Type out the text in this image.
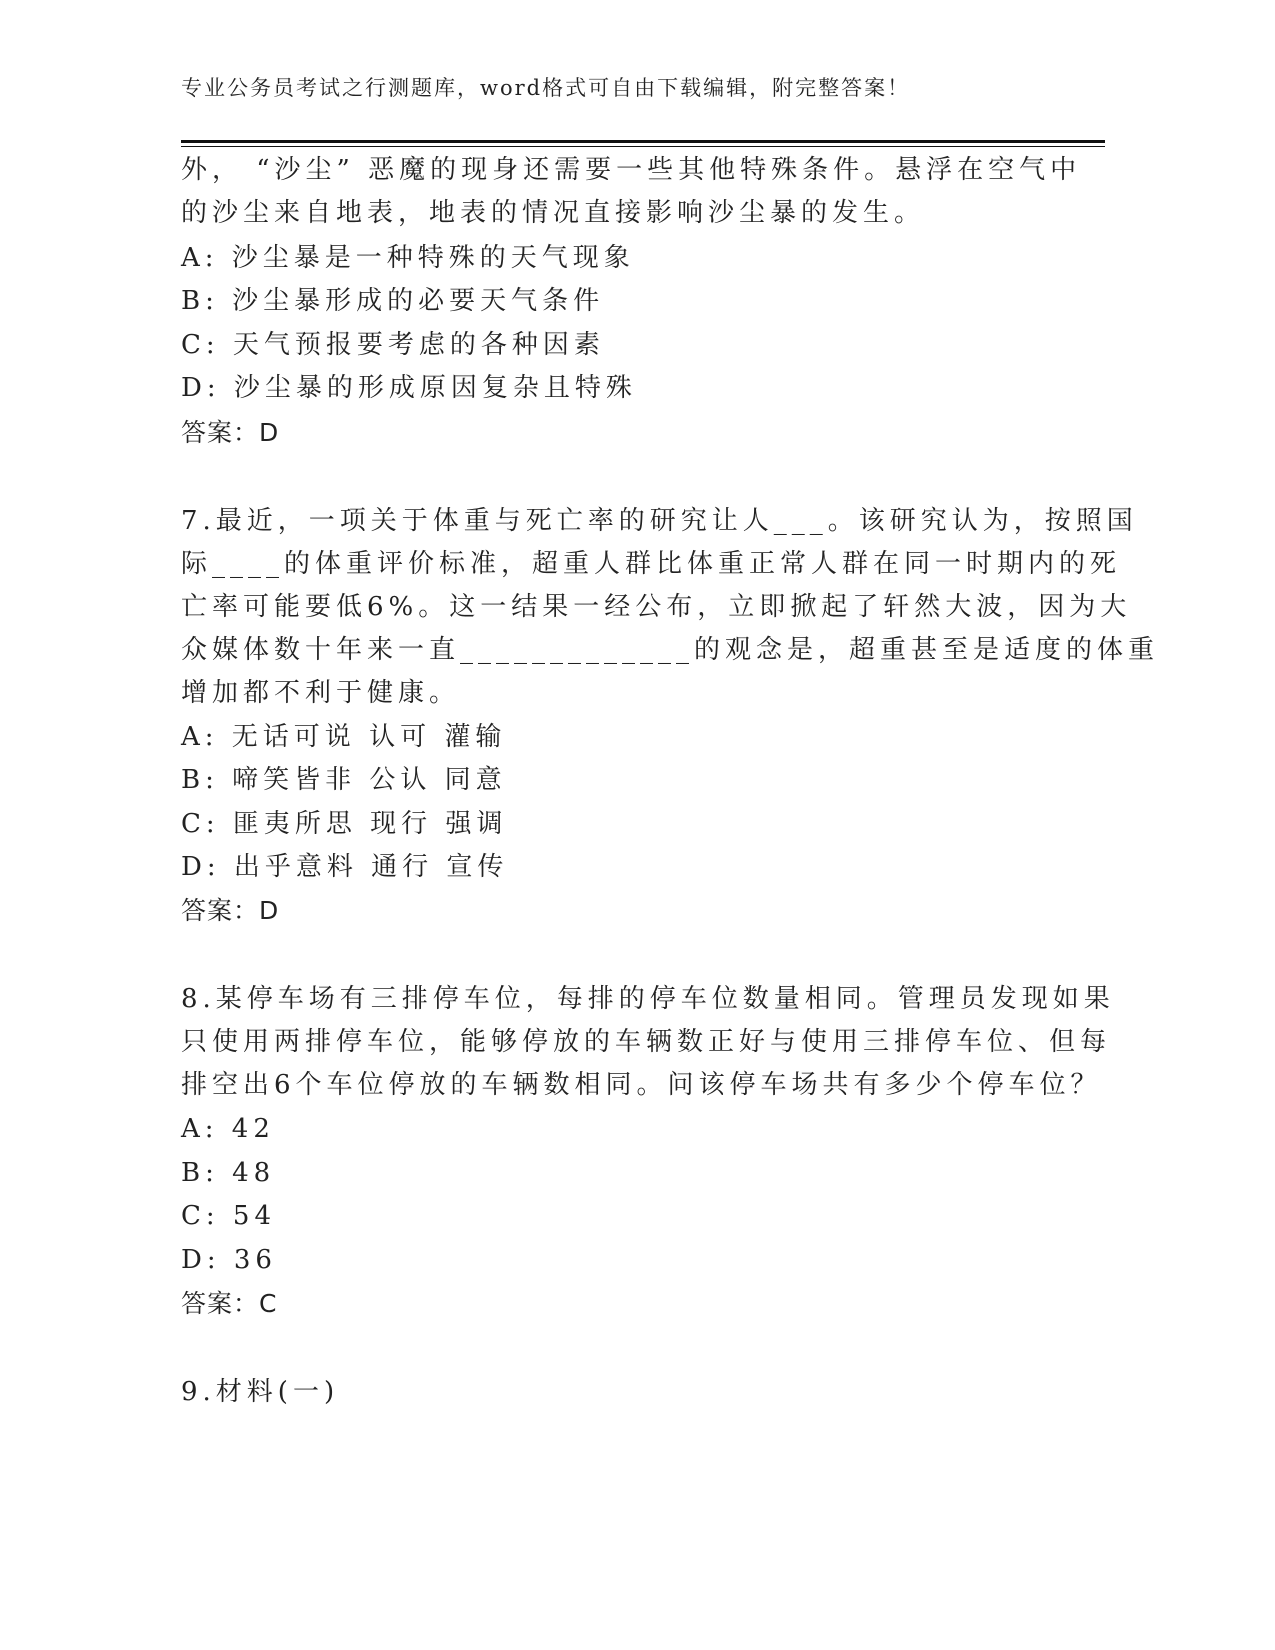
专业公务员考试之行测题库，word格式可自由下载编辑，附完整答案！
外， “沙尘” 恶魔的现身还需要一些其他特殊条件。悬浮在空气中
的沙尘来自地表，地表的情况直接影响沙尘暴的发生。
A: 沙尘暴是一种特殊的天气现象
B: 沙尘暴形成的必要天气条件
C: 天气预报要考虑的各种因素
D: 沙尘暴的形成原因复杂且特殊
答案：D
7.最近，一项关于体重与死亡率的研究让人___。该研究认为，按照国
际____的体重评价标准，超重人群比体重正常人群在同一时期内的死
亡率可能要低6%。这一结果一经公布，立即掀起了轩然大波，因为大
众媒体数十年来一直_____________的观念是，超重甚至是适度的体重
增加都不利于健康。
A: 无话可说 认可 灌输
B: 啼笑皆非 公认 同意
C: 匪夷所思 现行 强调
D: 出乎意料 通行 宣传
答案：D
8.某停车场有三排停车位，每排的停车位数量相同。管理员发现如果
只使用两排停车位，能够停放的车辆数正好与使用三排停车位、但每
排空出6个车位停放的车辆数相同。问该停车场共有多少个停车位？
A: 42
B: 48
C: 54
D: 36
答案：C
9.材料(一)
